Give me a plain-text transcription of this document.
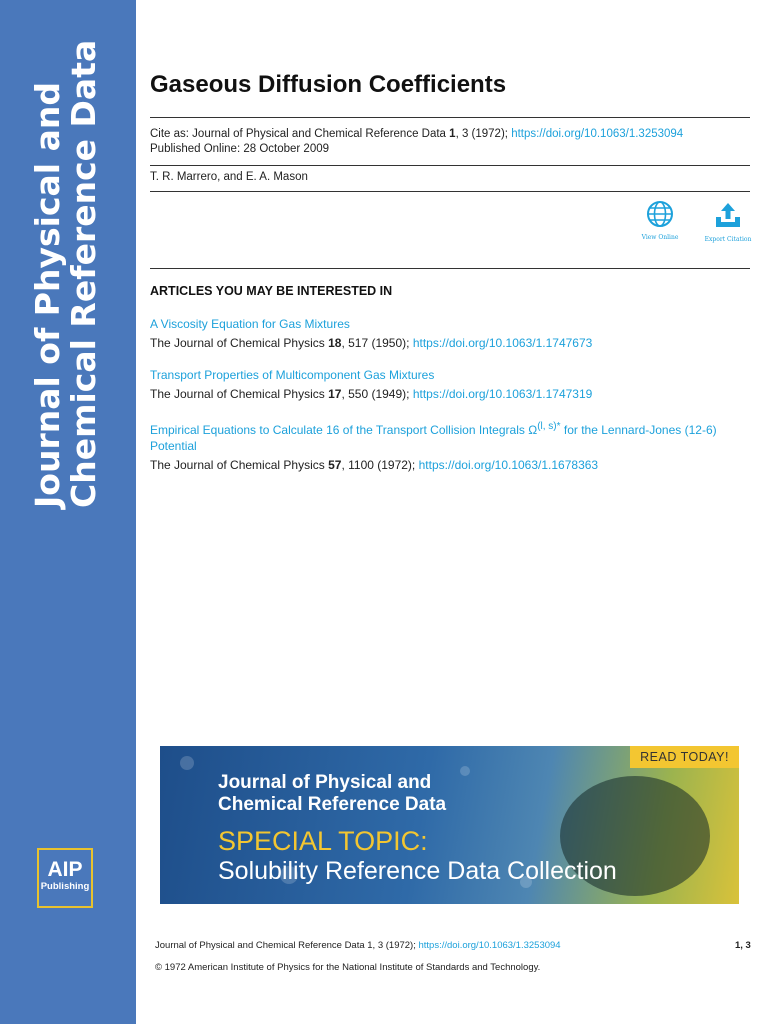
Journal of Physical and
Chemical Reference Data
AIP
Publishing
Gaseous Diffusion Coefficients
Cite as: Journal of Physical and Chemical Reference Data 1, 3 (1972); https://doi.org/10.1063/1.3253094
Published Online: 28 October 2009
T. R. Marrero, and E. A. Mason
View Online	Export Citation
ARTICLES YOU MAY BE INTERESTED IN
A Viscosity Equation for Gas Mixtures
The Journal of Chemical Physics 18, 517 (1950); https://doi.org/10.1063/1.1747673
Transport Properties of Multicomponent Gas Mixtures
The Journal of Chemical Physics 17, 550 (1949); https://doi.org/10.1063/1.1747319
Empirical Equations to Calculate 16 of the Transport Collision Integrals $\Omega^{(l, s)*}$ for the Lennard-Jones (12-6) Potential
The Journal of Chemical Physics 57, 1100 (1972); https://doi.org/10.1063/1.1678363
READ TODAY!
Journal of Physical and
Chemical Reference Data
SPECIAL TOPIC:
Solubility Reference Data Collection
Journal of Physical and Chemical Reference Data 1, 3 (1972); https://doi.org/10.1063/1.3253094	1, 3
© 1972 American Institute of Physics for the National Institute of Standards and Technology.
